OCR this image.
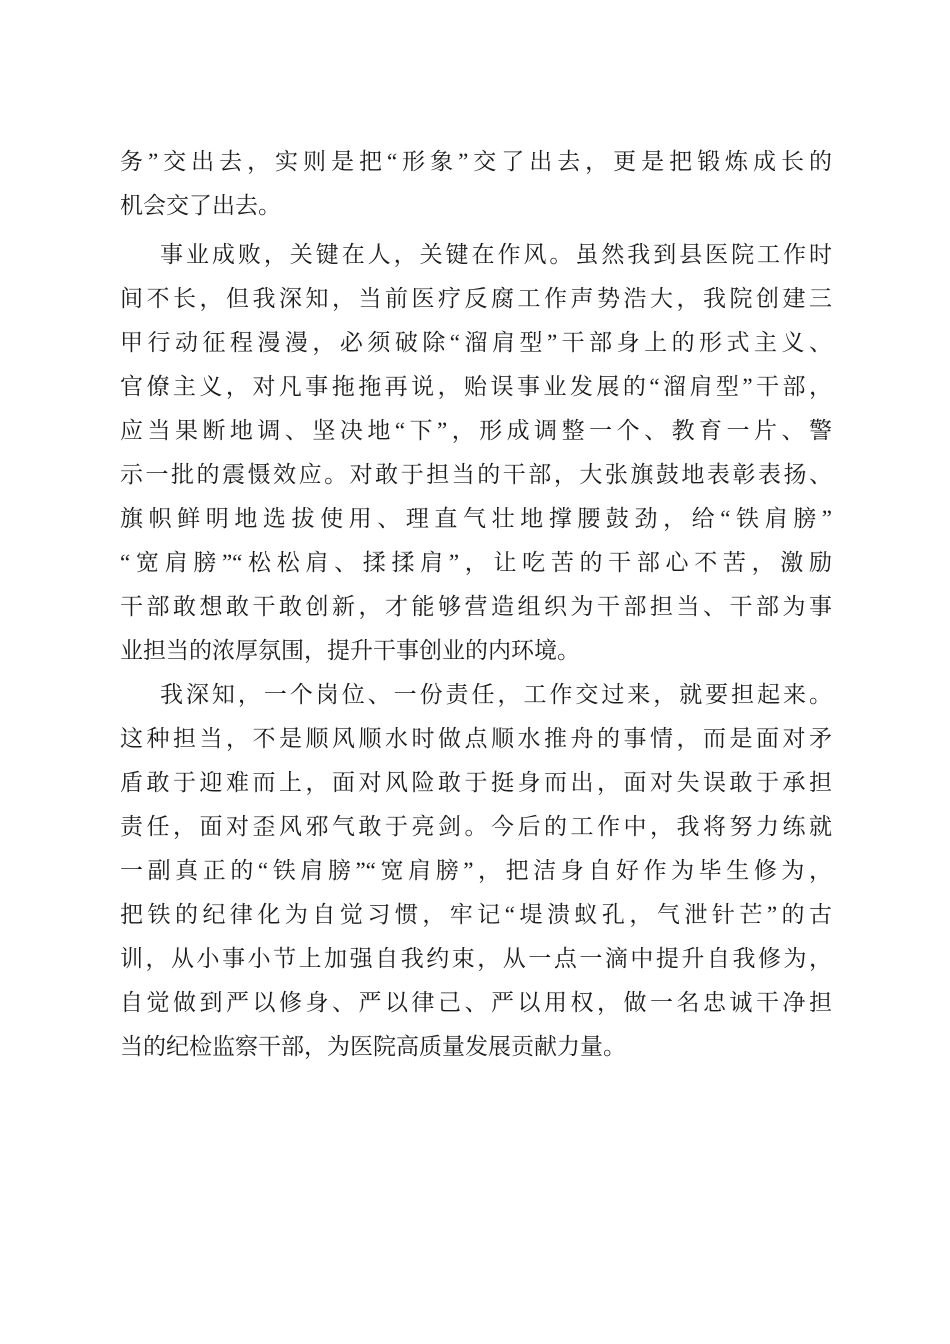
务”交出去，实则是把“形象”交了出去，更是把锻炼成长的
机会交了出去。
事业成败，关键在人，关键在作风。虽然我到县医院工作时
间不长，但我深知，当前医疗反腐工作声势浩大，我院创建三
甲行动征程漫漫，必须破除“溜肩型”干部身上的形式主义、
官僚主义，对凡事拖拖再说，贻误事业发展的“溜肩型”干部，
应当果断地调、坚决地“下”，形成调整一个、教育一片、警
示一批的震慑效应。对敢于担当的干部，大张旗鼓地表彰表扬、
旗帜鲜明地选拔使用、理直气壮地撑腰鼓劲，给“铁肩膀”
“宽肩膀”“松松肩、揉揉肩”，让吃苦的干部心不苦，激励
干部敢想敢干敢创新，才能够营造组织为干部担当、干部为事
业担当的浓厚氛围，提升干事创业的内环境。
我深知，一个岗位、一份责任，工作交过来，就要担起来。
这种担当，不是顺风顺水时做点顺水推舟的事情，而是面对矛
盾敢于迎难而上，面对风险敢于挺身而出，面对失误敢于承担
责任，面对歪风邪气敢于亮剑。今后的工作中，我将努力练就
一副真正的“铁肩膀”“宽肩膀”，把洁身自好作为毕生修为，
把铁的纪律化为自觉习惯，牢记“堤溃蚁孔，气泄针芒”的古
训，从小事小节上加强自我约束，从一点一滴中提升自我修为，
自觉做到严以修身、严以律己、严以用权，做一名忠诚干净担
当的纪检监察干部，为医院高质量发展贡献力量。
